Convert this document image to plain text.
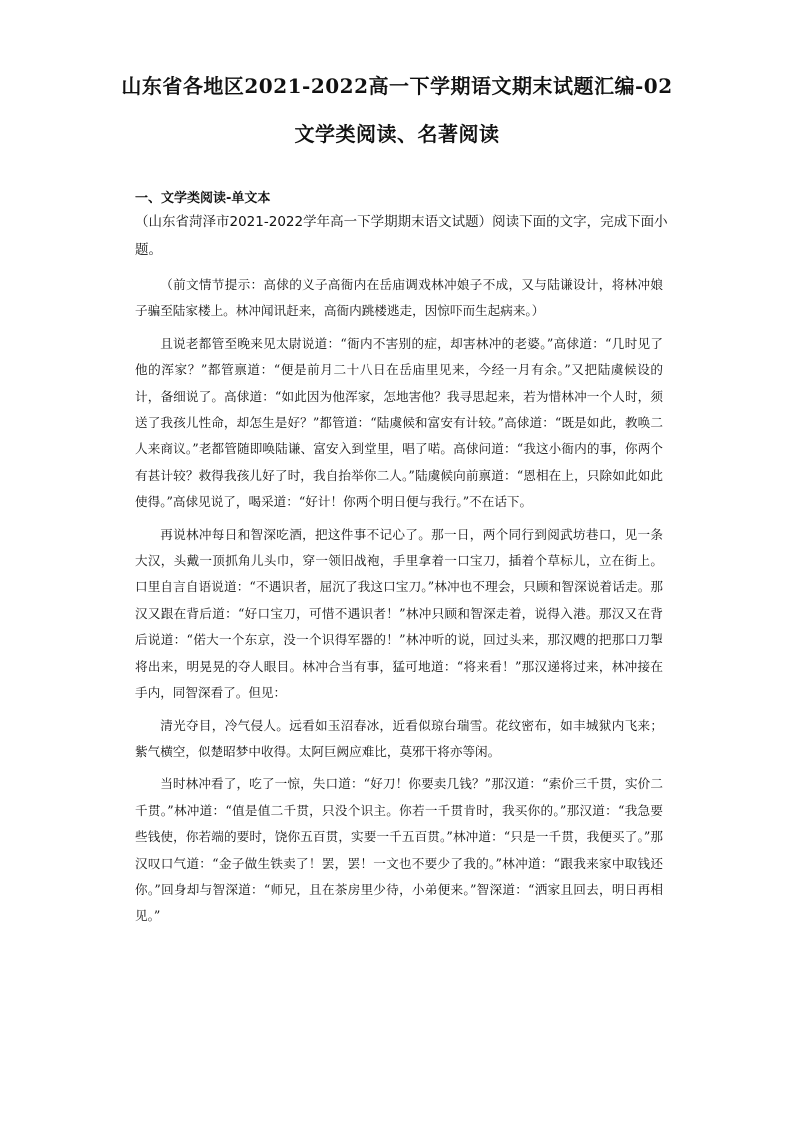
山东省各地区2021-2022高一下学期语文期末试题汇编-02
文学类阅读、名著阅读
一、文学类阅读-单文本

（山东省菏泽市2021-2022学年高一下学期期末语文试题）阅读下面的文字，完成下面小题。

（前文情节提示：高俅的义子高衙内在岳庙调戏林冲娘子不成，又与陆谦设计，将林冲娘子骗至陆家楼上。林冲闻讯赶来，高衙内跳楼逃走，因惊吓而生起病来。）

且说老都管至晚来见太尉说道：“衙内不害别的症，却害林冲的老婆。”高俅道：“几时见了他的浑家？”都管禀道：“便是前月二十八日在岳庙里见来，今经一月有余。”又把陆虞候设的计，备细说了。高俅道：“如此因为他浑家，怎地害他？我寻思起来，若为惜林冲一个人时，须送了我孩儿性命，却怎生是好？”都管道：“陆虞候和富安有计较。”高俅道：“既是如此，教唤二人来商议。”老都管随即唤陆谦、富安入到堂里，唱了喏。高俅问道：“我这小衙内的事，你两个有甚计较？救得我孩儿好了时，我自抬举你二人。”陆虞候向前禀道：“恩相在上，只除如此如此使得。”高俅见说了，喝采道：“好计！你两个明日便与我行。”不在话下。

再说林冲每日和智深吃酒，把这件事不记心了。那一日，两个同行到阅武坊巷口，见一条大汉，头戴一顶抓角儿头巾，穿一领旧战袍，手里拿着一口宝刀，插着个草标儿，立在街上。口里自言自语说道：“不遇识者，屈沉了我这口宝刀。”林冲也不理会，只顾和智深说着话走。那汉又跟在背后道：“好口宝刀，可惜不遇识者！”林冲只顾和智深走着，说得入港。那汉又在背后说道：“偌大一个东京，没一个识得军器的！”林冲听的说，回过头来，那汉飕的把那口刀掣将出来，明晃晃的夺人眼目。林冲合当有事，猛可地道：“将来看！”那汉递将过来，林冲接在手内，同智深看了。但见：

清光夺目，冷气侵人。远看如玉沼春冰，近看似琼台瑞雪。花纹密布，如丰城狱内飞来；紫气横空，似楚昭梦中收得。太阿巨阙应难比，莫邪干将亦等闲。

当时林冲看了，吃了一惊，失口道：“好刀！你要卖几钱？”那汉道：“索价三千贯，实价二千贯。”林冲道：“值是值二千贯，只没个识主。你若一千贯肯时，我买你的。”那汉道：“我急要些钱使，你若端的要时，饶你五百贯，实要一千五百贯。”林冲道：“只是一千贯，我便买了。”那汉叹口气道：“金子做生铁卖了！罢，罢！一文也不要少了我的。”林冲道：“跟我来家中取钱还你。”回身却与智深道：“师兄，且在茶房里少待，小弟便来。”智深道：“洒家且回去，明日再相见。”
